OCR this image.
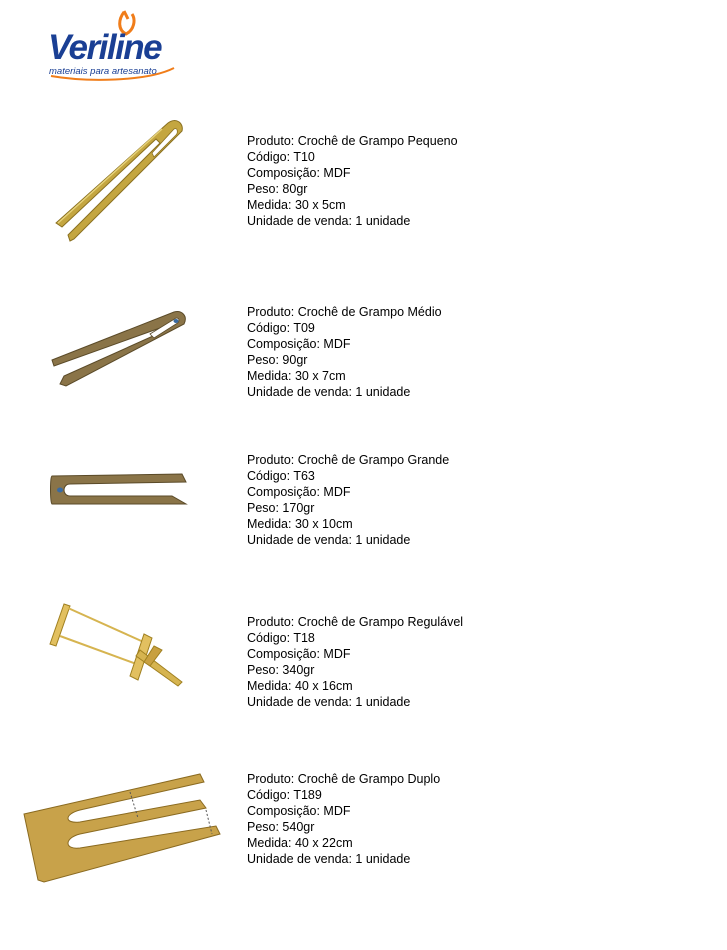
Veriline
materiais para artesanato
Produto: Crochê de Grampo Pequeno
Código: T10
Composição: MDF
Peso: 80gr
Medida: 30 x 5cm
Unidade de venda: 1 unidade
Produto: Crochê de Grampo Médio
Código: T09
Composição: MDF
Peso: 90gr
Medida: 30 x 7cm
Unidade de venda: 1 unidade
Produto: Crochê de Grampo Grande
Código: T63
Composição: MDF
Peso: 170gr
Medida: 30 x 10cm
Unidade de venda: 1 unidade
Produto: Crochê de Grampo Regulável
Código: T18
Composição: MDF
Peso: 340gr
Medida: 40 x 16cm
Unidade de venda: 1 unidade
Produto: Crochê de Grampo Duplo
Código: T189
Composição: MDF
Peso: 540gr
Medida: 40 x 22cm
Unidade de venda: 1 unidade
